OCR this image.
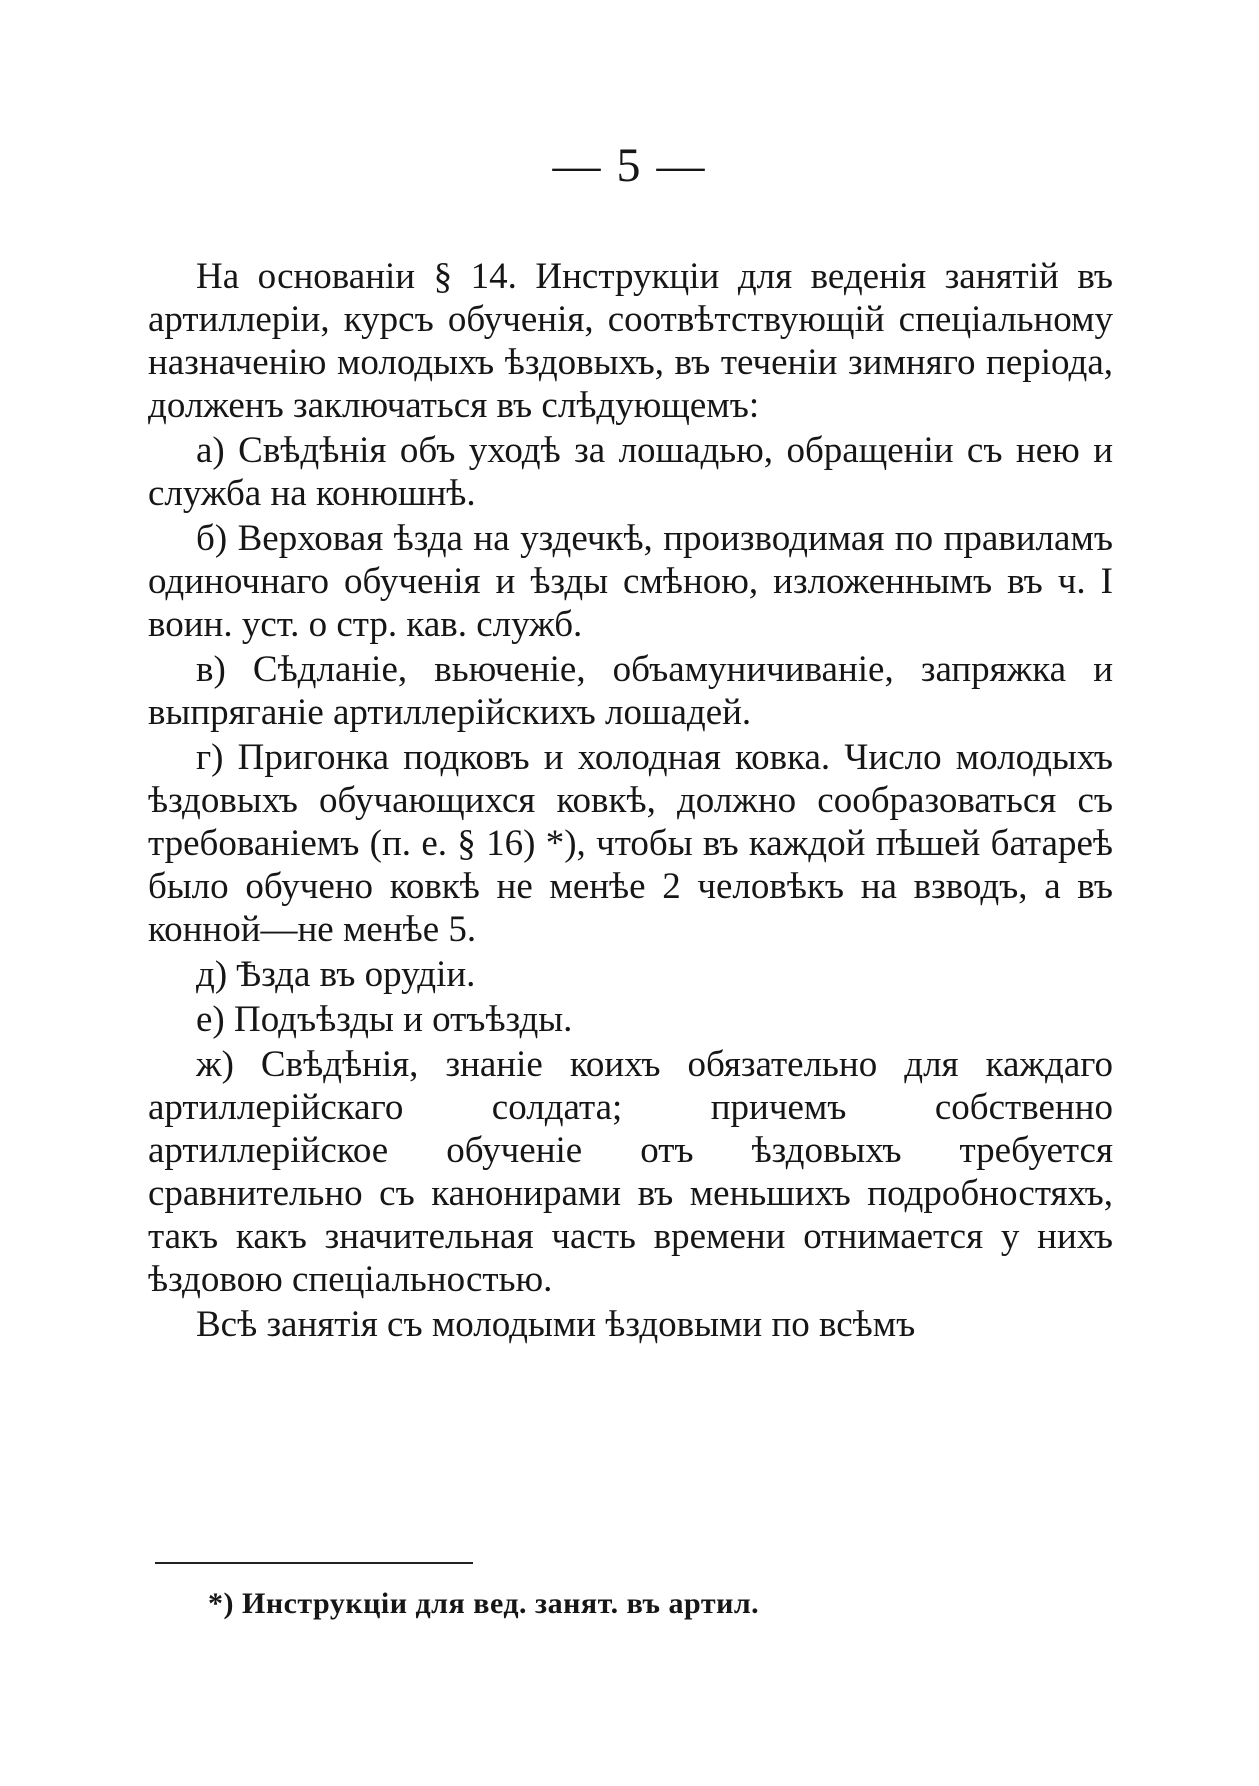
— 5 —

На основаніи § 14. Инструкціи для веденія занятій въ артиллеріи, курсъ обученія, соотвѣтствующій спеціальному назначенію молодыхъ ѣздовыхъ, въ теченіи зимняго періода, долженъ заключаться въ слѣдующемъ:

а) Свѣдѣнія объ уходѣ за лошадью, обращеніи съ нею и служба на конюшнѣ.

б) Верховая ѣзда на уздечкѣ, производимая по правиламъ одиночнаго обученія и ѣзды смѣною, изложеннымъ въ ч. I воин. уст. о стр. кав. служб.

в) Сѣдланіе, вьюченіе, объамуничиваніе, запряжка и выпряганіе артиллерійскихъ лошадей.

г) Пригонка подковъ и холодная ковка. Число молодыхъ ѣздовыхъ обучающихся ковкѣ, должно сообразоваться съ требованіемъ (п. е. § 16) *), чтобы въ каждой пѣшей батареѣ было обучено ковкѣ не менѣе 2 человѣкъ на взводъ, а въ конной—не менѣе 5.

д) Ѣзда въ орудіи.

е) Подъѣзды и отъѣзды.

ж) Свѣдѣнія, знаніе коихъ обязательно для каждаго артиллерійскаго солдата; причемъ собственно артиллерійское обученіе отъ ѣздовыхъ требуется сравнительно съ канонирами въ меньшихъ подробностяхъ, такъ какъ значительная часть времени отнимается у нихъ ѣздовою спеціальностью.

Всѣ занятія съ молодыми ѣздовыми по всѣмъ

*) Инструкціи для вед. занят. въ артил.
